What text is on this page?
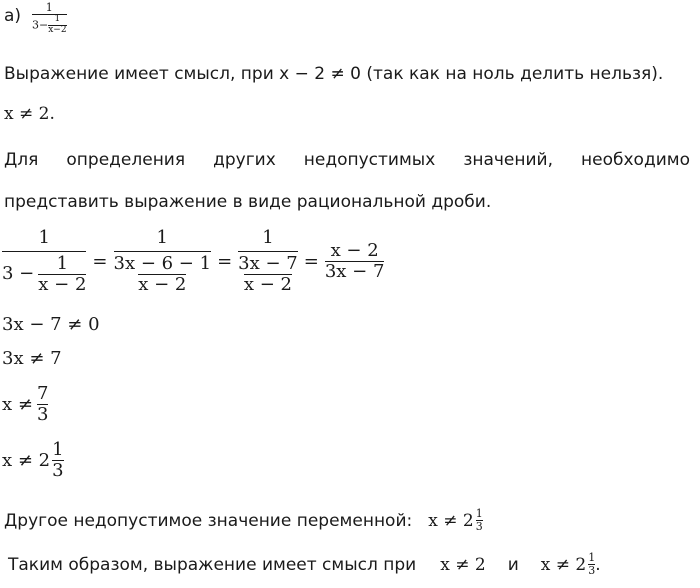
$а) \frac{1}{3- \frac{1}{x-2}}$
Выражение имеет смысл, при x − 2 ≠ 0 (так как на ноль делить нельзя).
x ≠ 2.
Для определения других недопустимых значений, необходимо
представить выражение в виде рациональной дроби.
$\frac{1}{3 - \frac{1}{x - 2}} = \frac{1}{\frac{3x - 6 - 1}{x - 2}} = \frac{1}{\frac{3x - 7}{x - 2}} = \frac{x - 2}{3x - 7}$
3x − 7 ≠ 0
3x ≠ 7
$x \ne \frac{7}{3}$
$x \ne 2 \frac{1}{3}$
Другое недопустимое значение переменной: $x \ne 2 \frac{1}{3}$
Таким образом, выражение имеет смысл при x ≠ 2 и $x \ne 2 \frac{1}{3}$ .
